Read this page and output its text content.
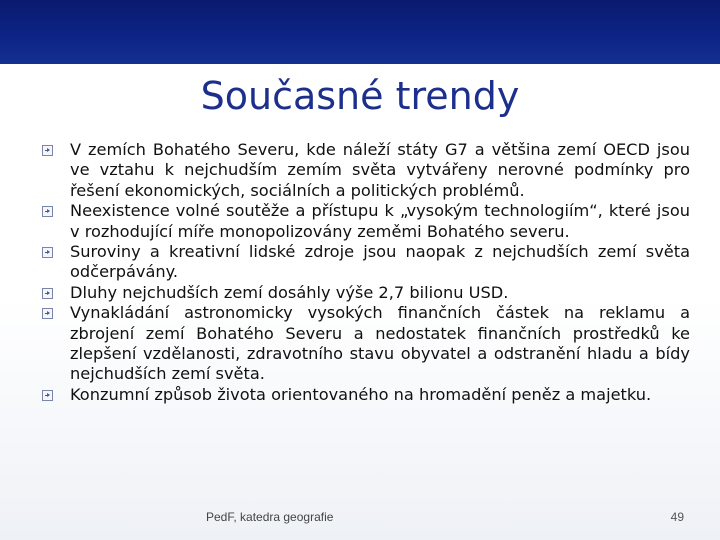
Současné trendy
V zemích Bohatého Severu, kde náleží státy G7 a většina zemí OECD jsou ve vztahu k nejchudším zemím světa vytvářeny nerovné podmínky pro řešení ekonomických, sociálních a politických problémů.
Neexistence volné soutěže a přístupu k „vysokým technologiím“, které jsou v rozhodující míře monopolizovány zeměmi Bohatého severu.
Suroviny a kreativní lidské zdroje jsou naopak z nejchudších zemí světa odčerpávány.
Dluhy nejchudších zemí dosáhly výše 2,7 bilionu USD.
Vynakládání astronomicky vysokých finančních částek na reklamu a zbrojení zemí Bohatého Severu a nedostatek finančních prostředků ke zlepšení vzdělanosti, zdravotního stavu obyvatel a odstranění hladu a bídy nejchudších zemí světa.
Konzumní způsob života orientovaného na hromadění peněz a majetku.
PedF, katedra geografie	49
